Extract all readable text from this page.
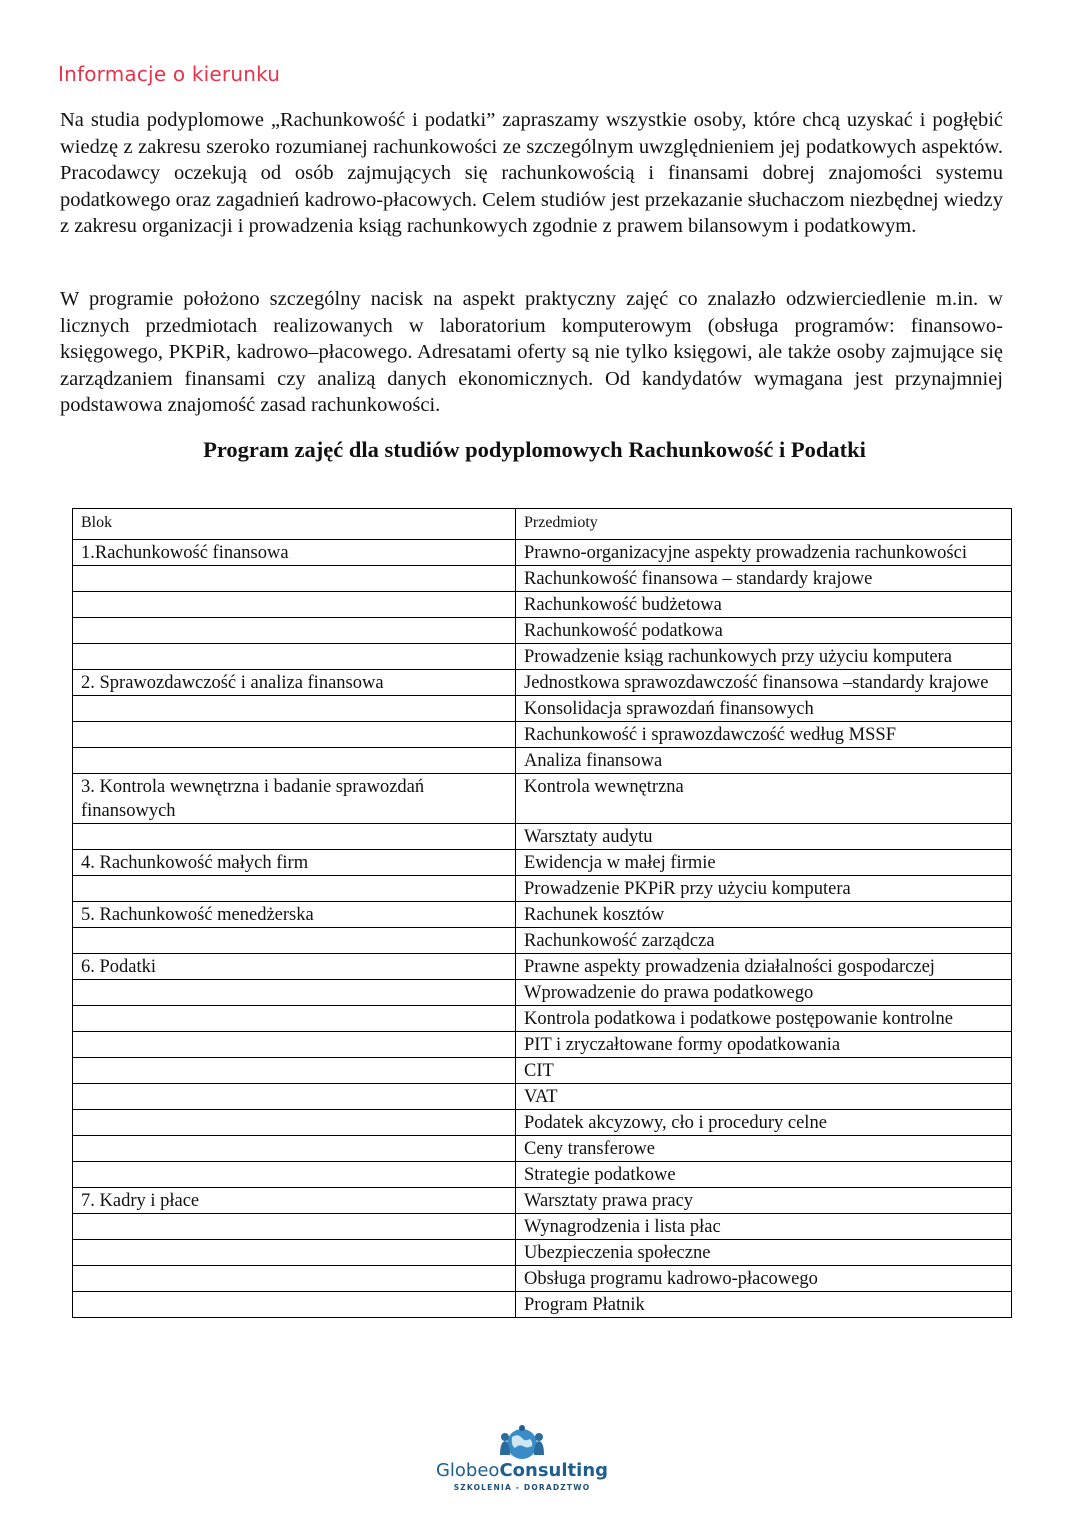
Informacje o kierunku

Na studia podyplomowe „Rachunkowość i podatki” zapraszamy wszystkie osoby, które chcą uzyskać i pogłębić wiedzę z zakresu szeroko rozumianej rachunkowości ze szczególnym uwzględnieniem jej podatkowych aspektów. Pracodawcy oczekują od osób zajmujących się rachunkowością i finansami dobrej znajomości systemu podatkowego oraz zagadnień kadrowo-płacowych. Celem studiów jest przekazanie słuchaczom niezbędnej wiedzy z zakresu organizacji i prowadzenia ksiąg rachunkowych zgodnie z prawem bilansowym i podatkowym.

W programie położono szczególny nacisk na aspekt praktyczny zajęć co znalazło odzwierciedlenie m.in. w licznych przedmiotach realizowanych w laboratorium komputerowym (obsługa programów: finansowo-księgowego, PKPiR, kadrowo–płacowego. Adresatami oferty są nie tylko księgowi, ale także osoby zajmujące się zarządzaniem finansami czy analizą danych ekonomicznych. Od kandydatów wymagana jest przynajmniej podstawowa znajomość zasad rachunkowości.

Program zajęć dla studiów podyplomowych Rachunkowość i Podatki
Blok	Przedmioty
1.Rachunkowość finansowa	Prawno-organizacyjne aspekty prowadzenia rachunkowości
	Rachunkowość finansowa – standardy krajowe
	Rachunkowość budżetowa
	Rachunkowość podatkowa
	Prowadzenie ksiąg rachunkowych przy użyciu komputera
2. Sprawozdawczość i analiza finansowa	Jednostkowa sprawozdawczość finansowa –standardy krajowe
	Konsolidacja sprawozdań finansowych
	Rachunkowość i sprawozdawczość według MSSF
	Analiza finansowa
3. Kontrola wewnętrzna i badanie sprawozdań finansowych	Kontrola wewnętrzna
	Warsztaty audytu
4. Rachunkowość małych firm	Ewidencja w małej firmie
	Prowadzenie PKPiR przy użyciu komputera
5. Rachunkowość menedżerska	Rachunek kosztów
	Rachunkowość zarządcza
6. Podatki	Prawne aspekty prowadzenia działalności gospodarczej
	Wprowadzenie do prawa podatkowego
	Kontrola podatkowa i podatkowe postępowanie kontrolne
	PIT i zryczałtowane formy opodatkowania
	CIT
	VAT
	Podatek akcyzowy, cło i procedury celne
	Ceny transferowe
	Strategie podatkowe
7. Kadry i płace	Warsztaty prawa pracy
	Wynagrodzenia i lista płac
	Ubezpieczenia społeczne
	Obsługa programu kadrowo-płacowego
	Program Płatnik
GlobeoConsulting
SZKOLENIA - DORADZTWO
